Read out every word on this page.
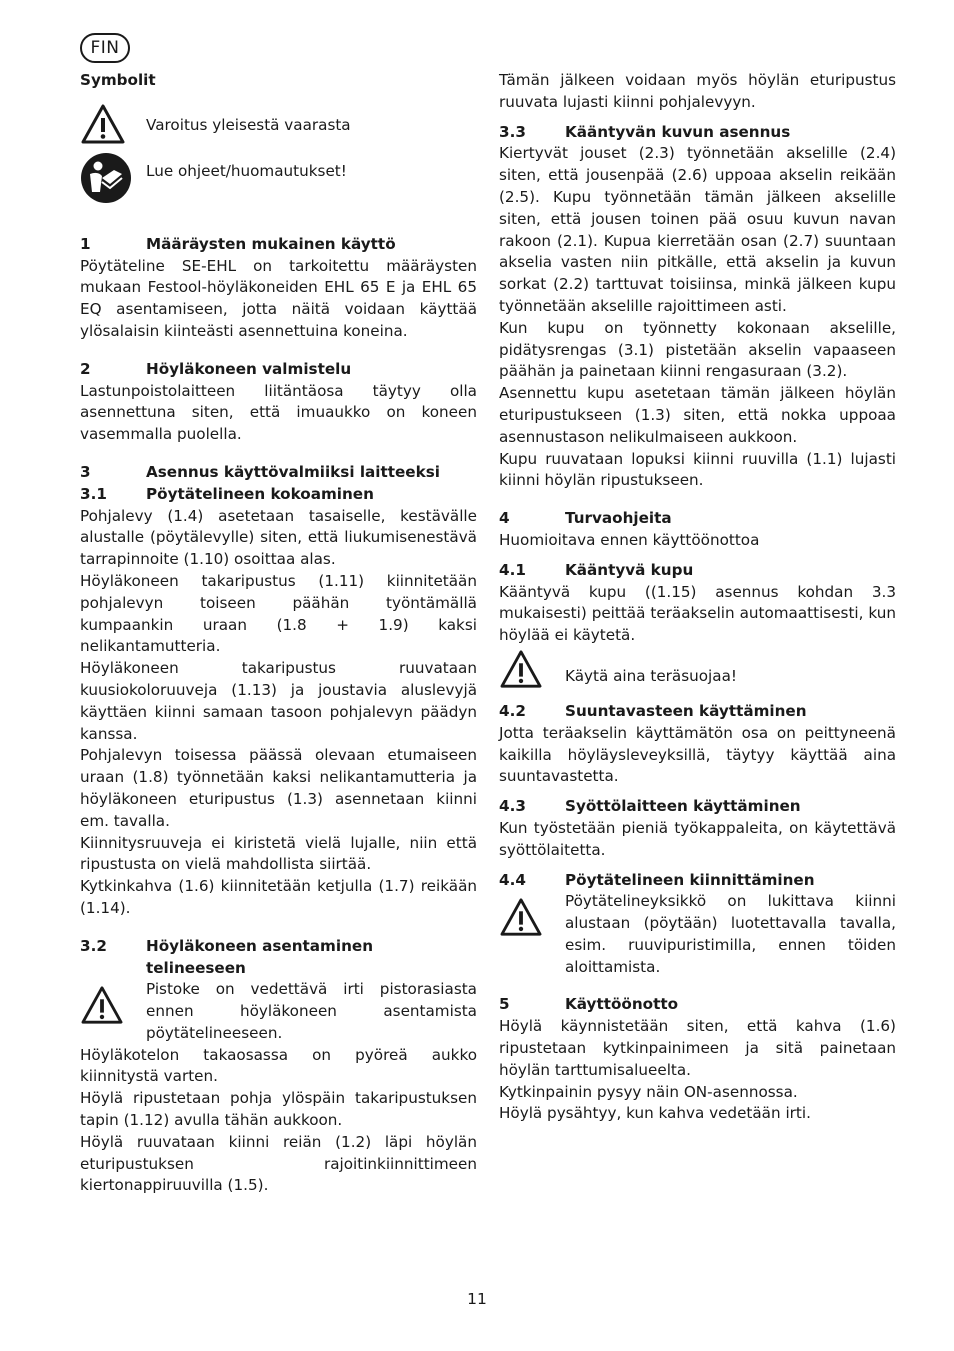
FIN

Symbolit

Varoitus yleisestä vaarasta
Lue ohjeet/huomautukset!

1	Määräysten mukainen käyttö

Pöytäteline SE-EHL on tarkoitettu määräysten mukaan Festool-höyläkoneiden EHL 65 E ja EHL 65 EQ asentamiseen, jotta näitä voidaan käyttää ylösalaisin kiinteästi asennettuina koneina.

2	Höyläkoneen valmistelu

Lastunpoistolaitteen liitäntäosa täytyy olla asennettuna siten, että imuaukko on koneen vasemmalla puolella.

3	Asennus käyttövalmiiksi laitteeksi

3.1	Pöytätelineen kokoaminen

Pohjalevy (1.4) asetetaan tasaiselle, kestävälle alustalle (pöytälevylle) siten, että liukumisenestävä tarrapinnoite (1.10) osoittaa alas.

Höyläkoneen takaripustus (1.11) kiinnitetään pohjalevyn toiseen päähän työntämällä kumpaankin uraan (1.8 + 1.9) kaksi nelikantamutteria.

Höyläkoneen takaripustus ruuvataan kuusiokoloruuveja (1.13) ja joustavia aluslevyjä käyttäen kiinni samaan tasoon pohjalevyn päädyn kanssa.

Pohjalevyn toisessa päässä olevaan etumaiseen uraan (1.8) työnnetään kaksi nelikantamutteria ja höyläkoneen eturipustus (1.3) asennetaan kiinni em. tavalla.

Kiinnitysruuveja ei kiristetä vielä lujalle, niin että ripustusta on vielä mahdollista siirtää.

Kytkinkahva (1.6) kiinnitetään ketjulla (1.7) reikään (1.14).

3.2	Höyläkoneen asentaminen telineeseen

Pistoke on vedettävä irti pistorasiasta ennen höyläkoneen asentamista pöytätelineeseen.

Höyläkotelon takaosassa on pyöreä aukko kiinnitystä varten.

Höylä ripustetaan pohja ylöspäin takaripustuksen tapin (1.12) avulla tähän aukkoon.

Höylä ruuvataan kiinni reiän (1.2) läpi höylän eturipustuksen rajoitinkiinnittimeen kiertonappiruuvilla (1.5).

Tämän jälkeen voidaan myös höylän eturipustus ruuvata lujasti kiinni pohjalevyyn.

3.3	Kääntyvän kuvun asennus

Kiertyvät jouset (2.3) työnnetään akselille (2.4) siten, että jousenpää (2.6) uppoaa akselin reikään (2.5). Kupu työnnetään tämän jälkeen akselille siten, että jousen toinen pää osuu kuvun navan rakoon (2.1). Kupua kierretään osan (2.7) suuntaan akselia vasten niin pitkälle, että akselin ja kuvun sorkat (2.2) tarttuvat toisiinsa, minkä jälkeen kupu työnnetään akselille rajoittimeen asti.

Kun kupu on työnnetty kokonaan akselille, pidätysrengas (3.1) pistetään akselin vapaaseen päähän ja painetaan kiinni rengasuraan (3.2).

Asennettu kupu asetetaan tämän jälkeen höylän eturipustukseen (1.3) siten, että nokka uppoaa asennustason nelikulmaiseen aukkoon.

Kupu ruuvataan lopuksi kiinni ruuvilla (1.1) lujasti kiinni höylän ripustukseen.

4	Turvaohjeita

Huomioitava ennen käyttöönottoa

4.1	Kääntyvä kupu

Kääntyvä kupu ((1.15) asennus kohdan 3.3 mukaisesti) peittää teräakselin automaattisesti, kun höylää ei käytetä.

Käytä aina teräsuojaa!

4.2	Suuntavasteen käyttäminen

Jotta teräakselin käyttämätön osa on peittyneenä kaikilla höyläysleveyksillä, täytyy käyttää aina suuntavastetta.

4.3	Syöttölaitteen käyttäminen

Kun työstetään pieniä työkappaleita, on käytettävä syöttölaitetta.

4.4	Pöytätelineen kiinnittäminen

Pöytätelineyksikkö on lukittava kiinni alustaan (pöytään) luotettavalla tavalla, esim. ruuvipuristimilla, ennen töiden aloittamista.

5	Käyttöönotto

Höylä käynnistetään siten, että kahva (1.6) ripustetaan kytkinpainimeen ja sitä painetaan höylän tarttumisalueelta.

Kytkinpainin pysyy näin ON-asennossa.

Höylä pysähtyy, kun kahva vedetään irti.

11
